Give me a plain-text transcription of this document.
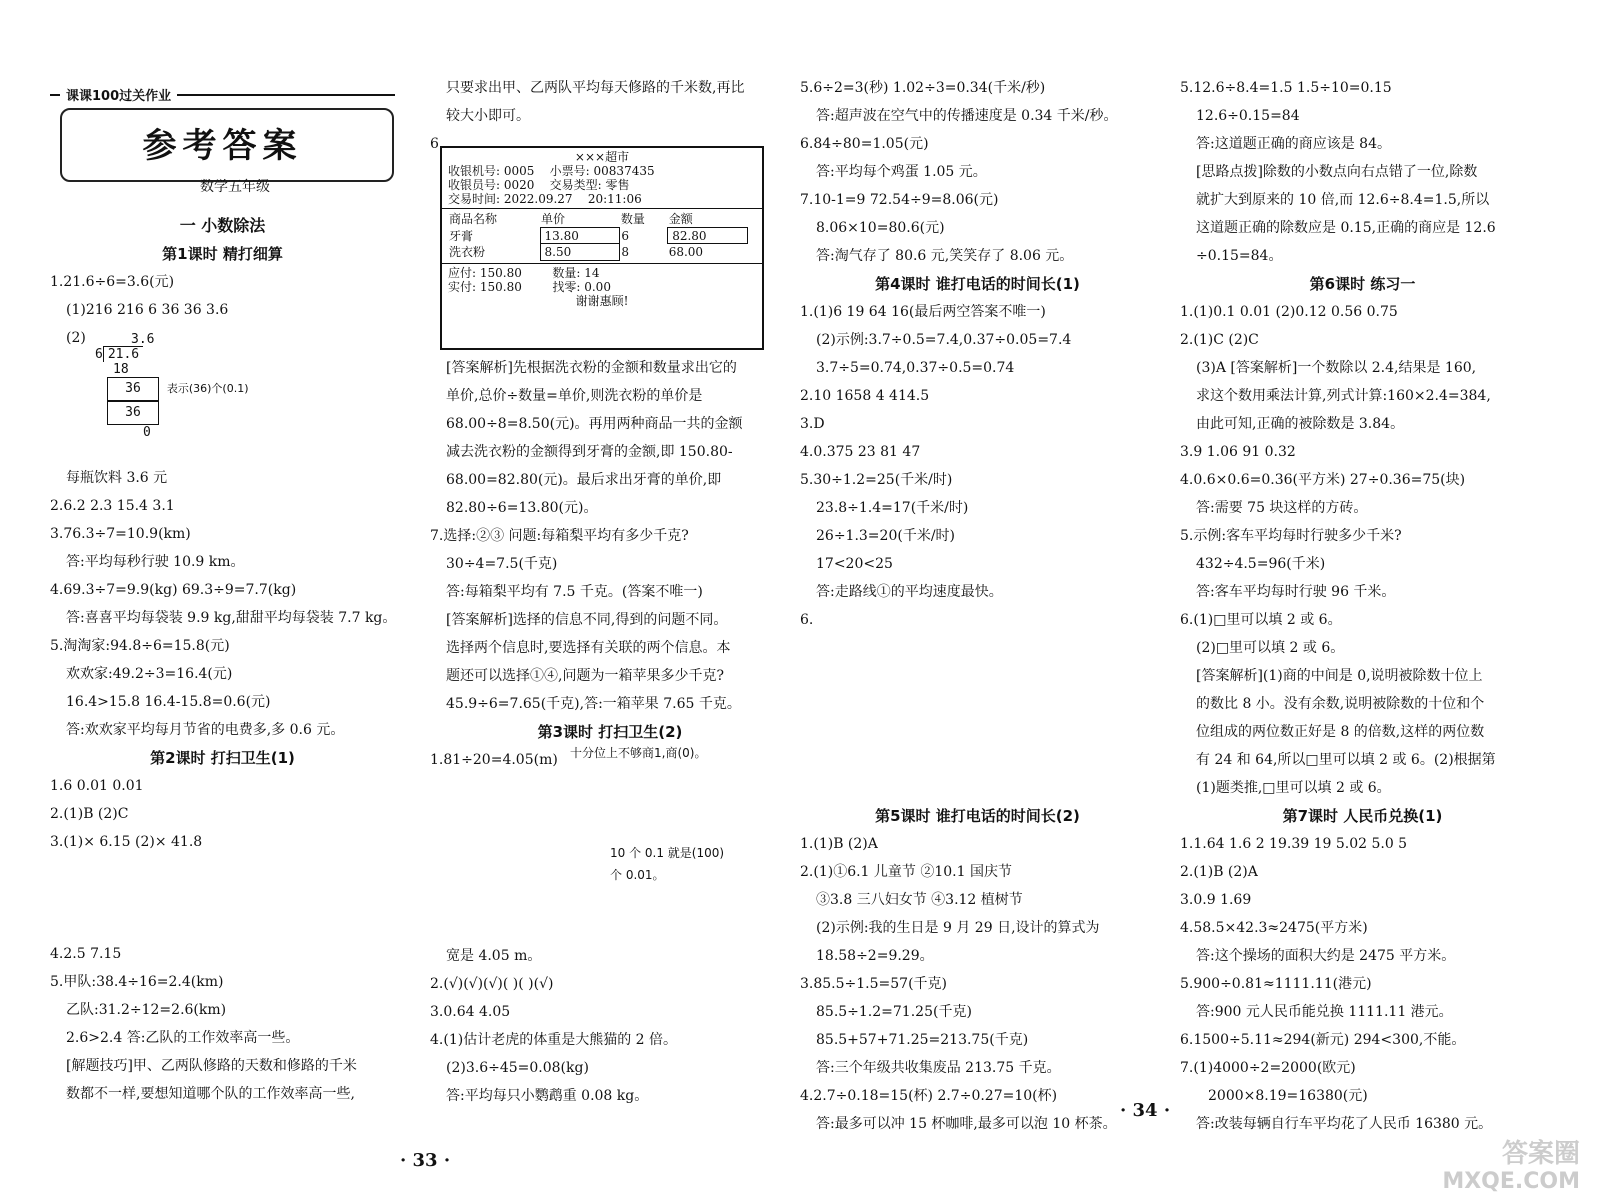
课课100过关作业
参考答案
数学五年级
一 小数除法
第1课时 精打细算
1.21.6÷6=3.6(元)
(1)216 216 6 36 36 3.6
(2)

每瓶饮料 3.6 元
2.6.2 2.3 15.4 3.1
3.76.3÷7=10.9(km)
答:平均每秒行驶 10.9 km。
4.69.3÷7=9.9(kg) 69.3÷9=7.7(kg)
答:喜喜平均每袋装 9.9 kg,甜甜平均每袋装 7.7 kg。
5.淘淘家:94.8÷6=15.8(元)
欢欢家:49.2÷3=16.4(元)
16.4>15.8 16.4-15.8=0.6(元)
答:欢欢家平均每月节省的电费多,多 0.6 元。
第2课时 打扫卫生(1)
1.6 0.01 0.01
2.(1)B (2)C
3.(1)× 6.15 (2)× 41.8

4.2.5 7.15
5.甲队:38.4÷16=2.4(km)
乙队:31.2÷12=2.6(km)
2.6>2.4 答:乙队的工作效率高一些。
[解题技巧]甲、乙两队修路的天数和修路的千米
数都不一样,要想知道哪个队的工作效率高一些,
只要求出甲、乙两队平均每天修路的千米数,再比
较大小即可。
6.

[答案解析]先根据洗衣粉的金额和数量求出它的
单价,总价÷数量=单价,则洗衣粉的单价是
68.00÷8=8.50(元)。再用两种商品一共的金额
减去洗衣粉的金额得到牙膏的金额,即 150.80-
68.00=82.80(元)。最后求出牙膏的单价,即
82.80÷6=13.80(元)。
7.选择:②③ 问题:每箱梨平均有多少千克?
30÷4=7.5(千克)
答:每箱梨平均有 7.5 千克。(答案不唯一)
[答案解析]选择的信息不同,得到的问题不同。
选择两个信息时,要选择有关联的两个信息。本
题还可以选择①④,问题为一箱苹果多少千克?
45.9÷6=7.65(千克),答:一箱苹果 7.65 千克。
第3课时 打扫卫生(2)
1.81÷20=4.05(m)

宽是 4.05 m。
2.(√)(√)(√)( )( )(√)
3.0.64 4.05
4.(1)估计老虎的体重是大熊猫的 2 倍。
(2)3.6÷45=0.08(kg)
答:平均每只小鹦鹉重 0.08 kg。
5.6÷2=3(秒) 1.02÷3=0.34(千米/秒)
答:超声波在空气中的传播速度是 0.34 千米/秒。
6.84÷80=1.05(元)
答:平均每个鸡蛋 1.05 元。
7.10-1=9 72.54÷9=8.06(元)
8.06×10=80.6(元)
答:淘气存了 80.6 元,笑笑存了 8.06 元。
第4课时 谁打电话的时间长(1)
1.(1)6 19 64 16(最后两空答案不唯一)
(2)示例:3.7÷0.5=7.4,0.37÷0.05=7.4
3.7÷5=0.74,0.37÷0.5=0.74
2.10 1658 4 414.5
3.D
4.0.375 23 81 47
5.30÷1.2=25(千米/时)
23.8÷1.4=17(千米/时)
26÷1.3=20(千米/时)
17<20<25
答:走路线①的平均速度最快。
6.

第5课时 谁打电话的时间长(2)
1.(1)B (2)A
2.(1)①6.1 儿童节 ②10.1 国庆节
③3.8 三八妇女节 ④3.12 植树节
(2)示例:我的生日是 9 月 29 日,设计的算式为
18.58÷2=9.29。
3.85.5÷1.5=57(千克)
85.5÷1.2=71.25(千克)
85.5+57+71.25=213.75(千克)
答:三个年级共收集废品 213.75 千克。
4.2.7÷0.18=15(杯) 2.7÷0.27=10(杯)
答:最多可以冲 15 杯咖啡,最多可以泡 10 杯茶。
5.12.6÷8.4=1.5 1.5÷10=0.15
12.6÷0.15=84
答:这道题正确的商应该是 84。
[思路点拨]除数的小数点向右点错了一位,除数
就扩大到原来的 10 倍,而 12.6÷8.4=1.5,所以
这道题正确的除数应是 0.15,正确的商应是 12.6
÷0.15=84。
第6课时 练习一
1.(1)0.1 0.01 (2)0.12 0.56 0.75
2.(1)C (2)C
(3)A [答案解析]一个数除以 2.4,结果是 160,
求这个数用乘法计算,列式计算:160×2.4=384,
由此可知,正确的被除数是 3.84。
3.9 1.06 91 0.32
4.0.6×0.6=0.36(平方米) 27÷0.36=75(块)
答:需要 75 块这样的方砖。
5.示例:客车平均每时行驶多少千米?
432÷4.5=96(千米)
答:客车平均每时行驶 96 千米。
6.(1)□里可以填 2 或 6。
(2)□里可以填 2 或 6。
[答案解析](1)商的中间是 0,说明被除数十位上
的数比 8 小。没有余数,说明被除数的十位和个
位组成的两位数正好是 8 的倍数,这样的两位数
有 24 和 64,所以□里可以填 2 或 6。(2)根据第
(1)题类推,□里可以填 2 或 6。
第7课时 人民币兑换(1)
1.1.64 1.6 2 19.39 19 5.02 5.0 5
2.(1)B (2)A
3.0.9 1.69
4.58.5×42.3≈2475(平方米)
答:这个操场的面积大约是 2475 平方米。
5.900÷0.81≈1111.11(港元)
答:900 元人民币能兑换 1111.11 港元。
6.1500÷5.11≈294(新元) 294<300,不能。
7.(1)4000÷2=2000(欧元)
2000×8.19=16380(元)
答:改装每辆自行车平均花了人民币 16380 元。
×××超市
收银机号: 0005 小票号: 00837435
收银员号: 0020 交易类型: 零售
交易时间: 2022.09.27 20:11:06
商品名称	单价	数量	金额
牙膏	13.80	6	82.80
洗衣粉	8.50	8	68.00
应付: 150.80	数量: 14
实付: 150.80	找零: 0.00
谢谢惠顾!
3.6
6 21.6
18
36 表示(36)个(0.1)
36
0
十分位上不够商1,商(0)。
10 个 0.1 就是(100)
个 0.01。
· 33 ·
· 34 ·
答案圈
MXQE.COM
